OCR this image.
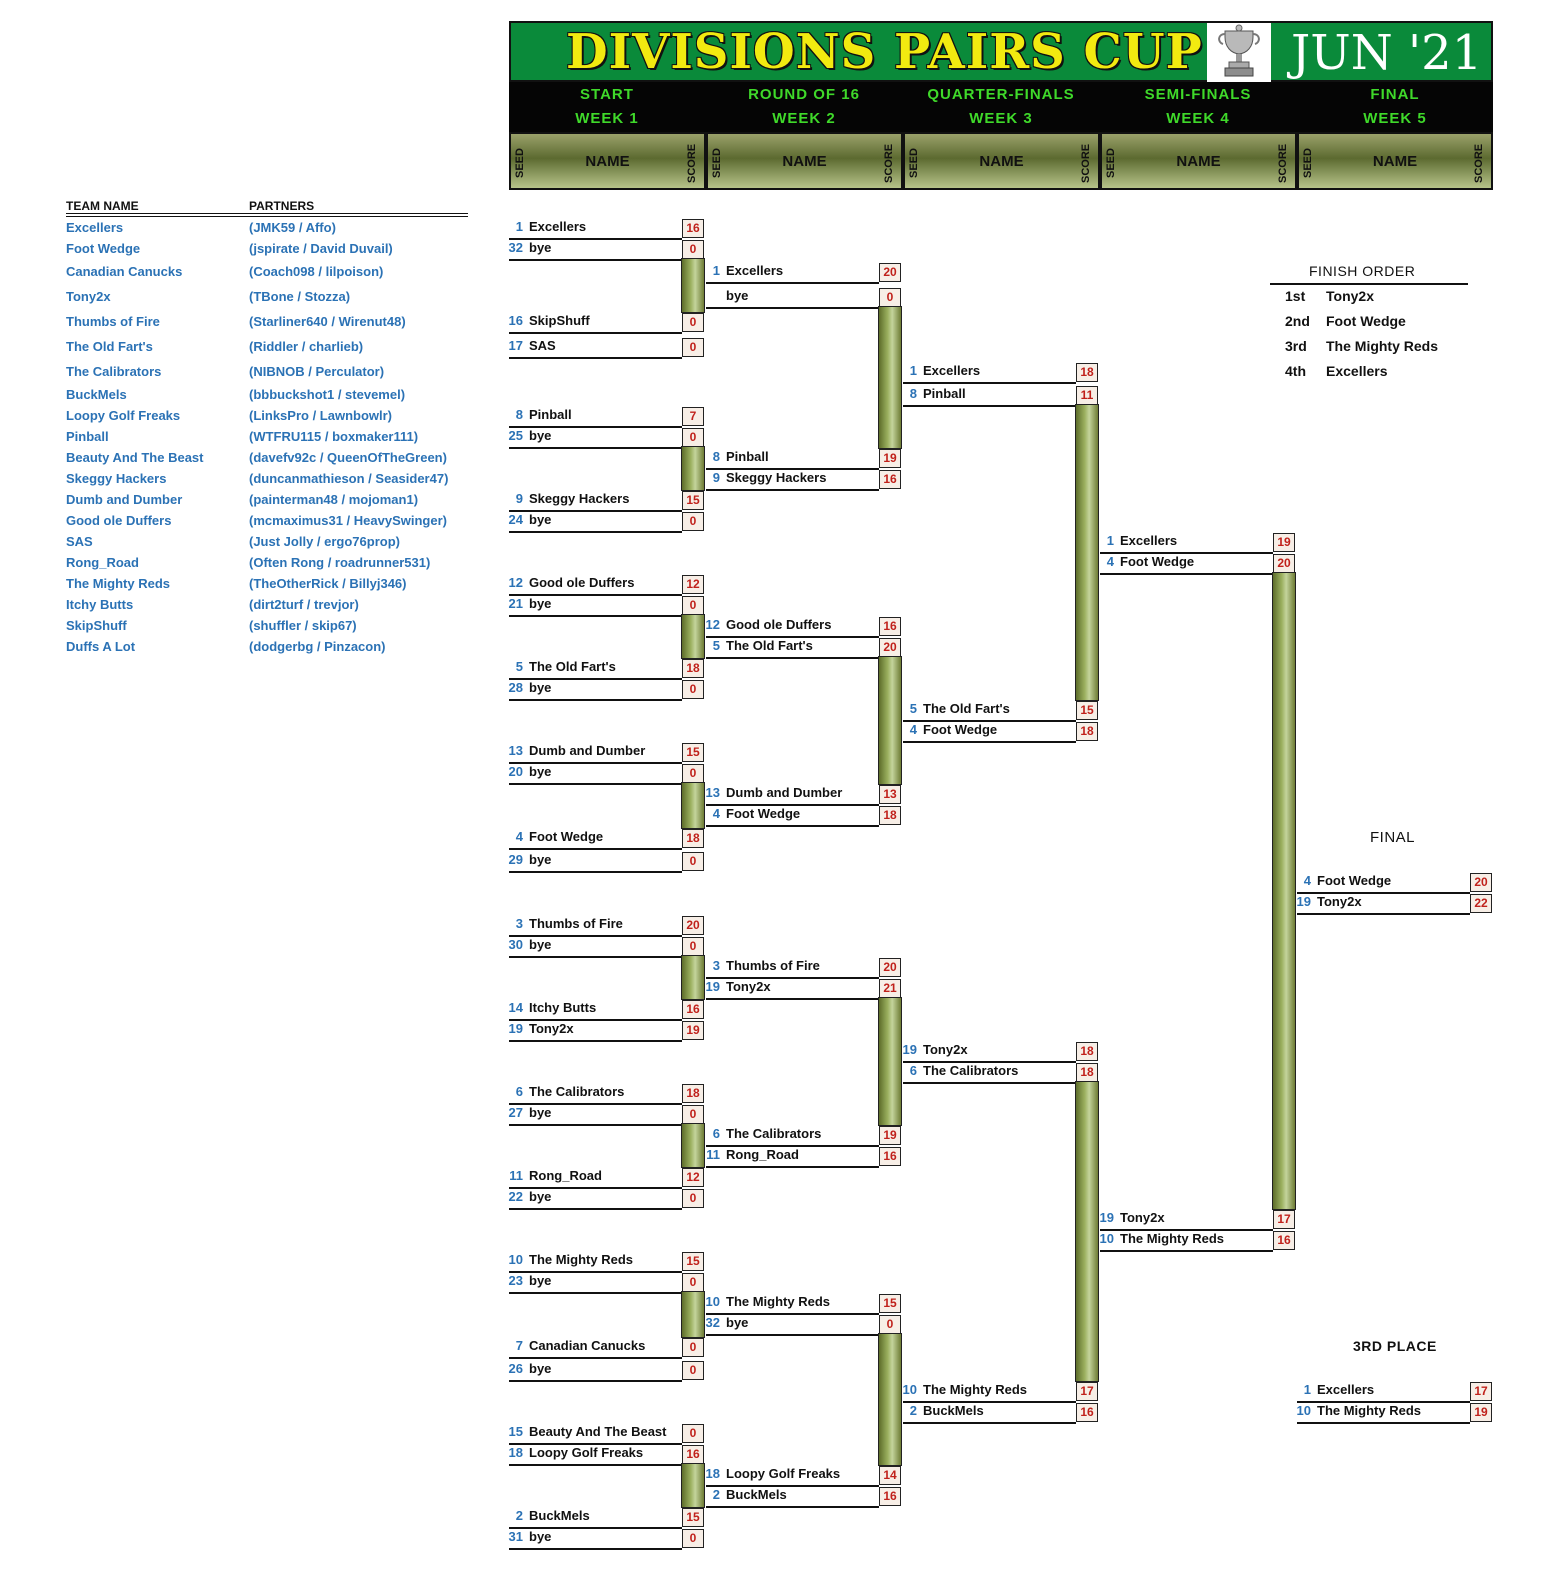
DIVISIONS PAIRS CUP JUN '21
START
WEEK 1
ROUND OF 16
WEEK 2
QUARTER-FINALS
WEEK 3
SEMI-FINALS
WEEK 4
FINAL
WEEK 5
SEED	NAME	SCORE	SEED	NAME	SCORE	SEED	NAME	SCORE	SEED	NAME	SCORE	SEED	NAME	SCORE
TEAM NAME	PARTNERS
Excellers	(JMK59 / Affo)
Foot Wedge	(jspirate / David Duvail)
Canadian Canucks	(Coach098 / lilpoison)
Tony2x	(TBone / Stozza)
Thumbs of Fire	(Starliner640 / Wirenut48)
The Old Fart's	(Riddler / charlieb)
The Calibrators	(NIBNOB / Perculator)
BuckMels	(bbbuckshot1 / stevemel)
Loopy Golf Freaks	(LinksPro / Lawnbowlr)
Pinball	(WTFRU115 / boxmaker111)
Beauty And The Beast	(davefv92c / QueenOfTheGreen)
Skeggy Hackers	(duncanmathieson / Seasider47)
Dumb and Dumber	(painterman48 / mojoman1)
Good ole Duffers	(mcmaximus31 / HeavySwinger)
SAS	(Just Jolly / ergo76prop)
Rong_Road	(Often Rong / roadrunner531)
The Mighty Reds	(TheOtherRick / Billyj346)
Itchy Butts	(dirt2turf / trevjor)
SkipShuff	(shuffler / skip67)
Duffs A Lot	(dodgerbg / Pinzacon)
1 Excellers	16
32 bye	0
16 SkipShuff	0
17 SAS	0
8 Pinball	7
25 bye	0
9 Skeggy Hackers	15
24 bye	0
12 Good ole Duffers	12
21 bye	0
5 The Old Fart's	18
28 bye	0
13 Dumb and Dumber	15
20 bye	0
4 Foot Wedge	18
29 bye	0
3 Thumbs of Fire	20
30 bye	0
14 Itchy Butts	16
19 Tony2x	19
6 The Calibrators	18
27 bye	0
11 Rong_Road	12
22 bye	0
10 The Mighty Reds	15
23 bye	0
7 Canadian Canucks	0
26 bye	0
15 Beauty And The Beast	0
18 Loopy Golf Freaks	16
2 BuckMels	15
31 bye	0
1 Excellers	20
bye	0
8 Pinball	19
9 Skeggy Hackers	16
12 Good ole Duffers	16
5 The Old Fart's	20
13 Dumb and Dumber	13
4 Foot Wedge	18
3 Thumbs of Fire	20
19 Tony2x	21
6 The Calibrators	19
11 Rong_Road	16
10 The Mighty Reds	15
32 bye	0
18 Loopy Golf Freaks	14
2 BuckMels	16
1 Excellers	18
8 Pinball	11
5 The Old Fart's	15
4 Foot Wedge	18
19 Tony2x	18
6 The Calibrators	18
10 The Mighty Reds	17
2 BuckMels	16
1 Excellers	19
4 Foot Wedge	20
19 Tony2x	17
10 The Mighty Reds	16
4 Foot Wedge	20
19 Tony2x	22
1 Excellers	17
10 The Mighty Reds	19
FINISH ORDER
1st Tony2x
2nd Foot Wedge
3rd The Mighty Reds
4th Excellers
FINAL
3RD PLACE
